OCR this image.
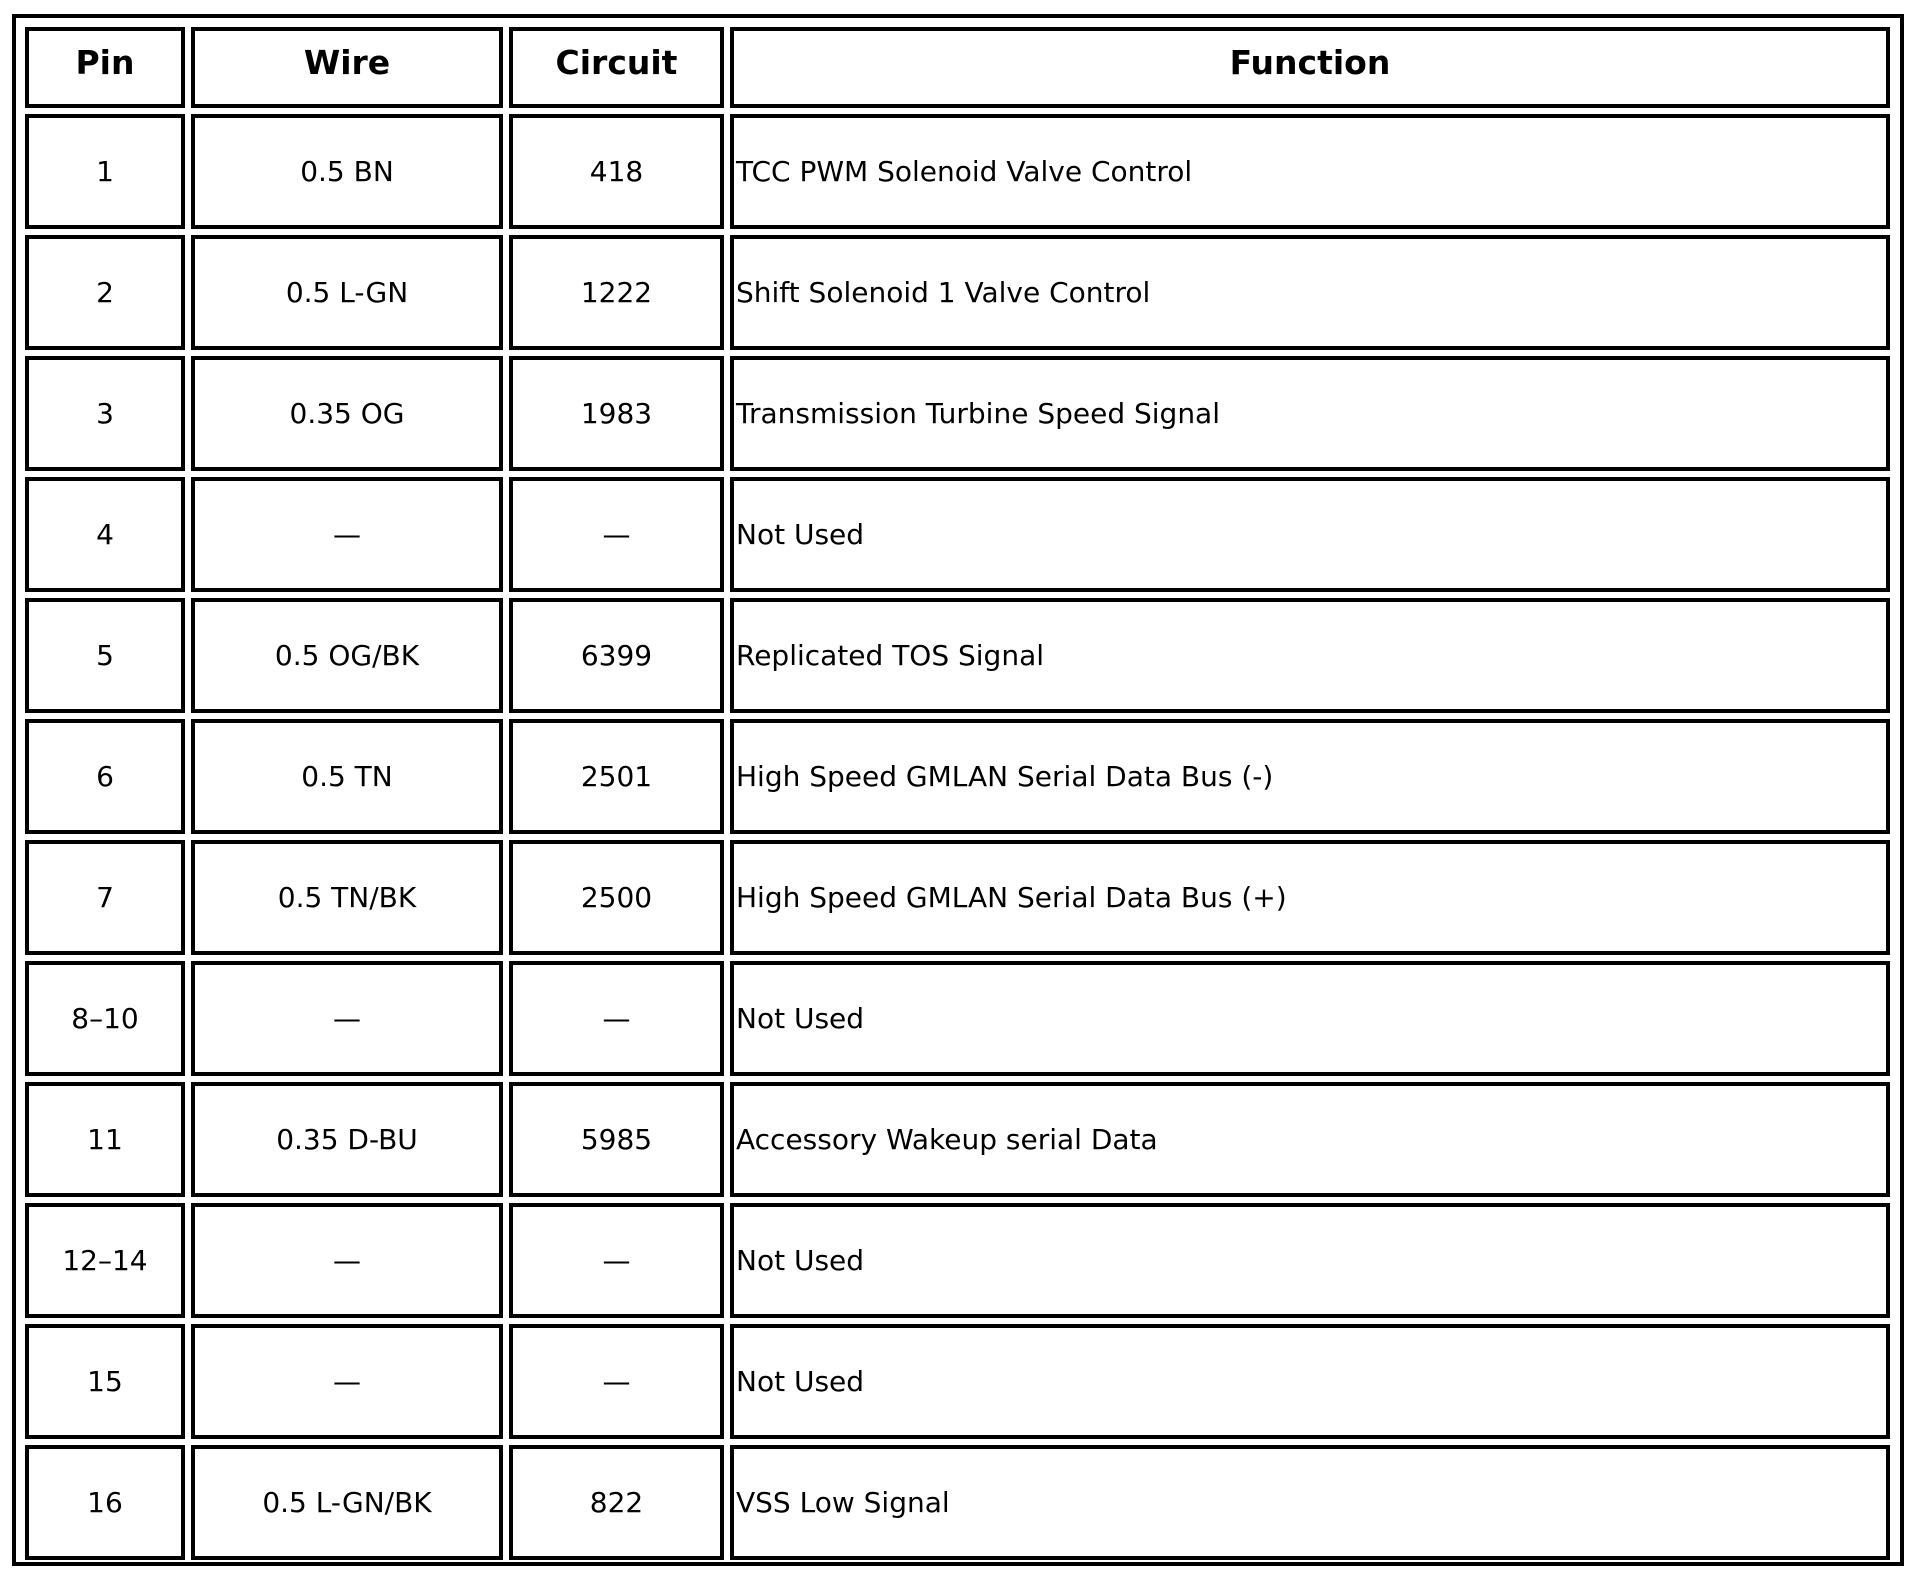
Pin	Wire	Circuit	Function
1	0.5 BN	418	TCC PWM Solenoid Valve Control
2	0.5 L-GN	1222	Shift Solenoid 1 Valve Control
3	0.35 OG	1983	Transmission Turbine Speed Signal
4	—	—	Not Used
5	0.5 OG/BK	6399	Replicated TOS Signal
6	0.5 TN	2501	High Speed GMLAN Serial Data Bus (-)
7	0.5 TN/BK	2500	High Speed GMLAN Serial Data Bus (+)
8–10	—	—	Not Used
11	0.35 D-BU	5985	Accessory Wakeup serial Data
12–14	—	—	Not Used
15	—	—	Not Used
16	0.5 L-GN/BK	822	VSS Low Signal
